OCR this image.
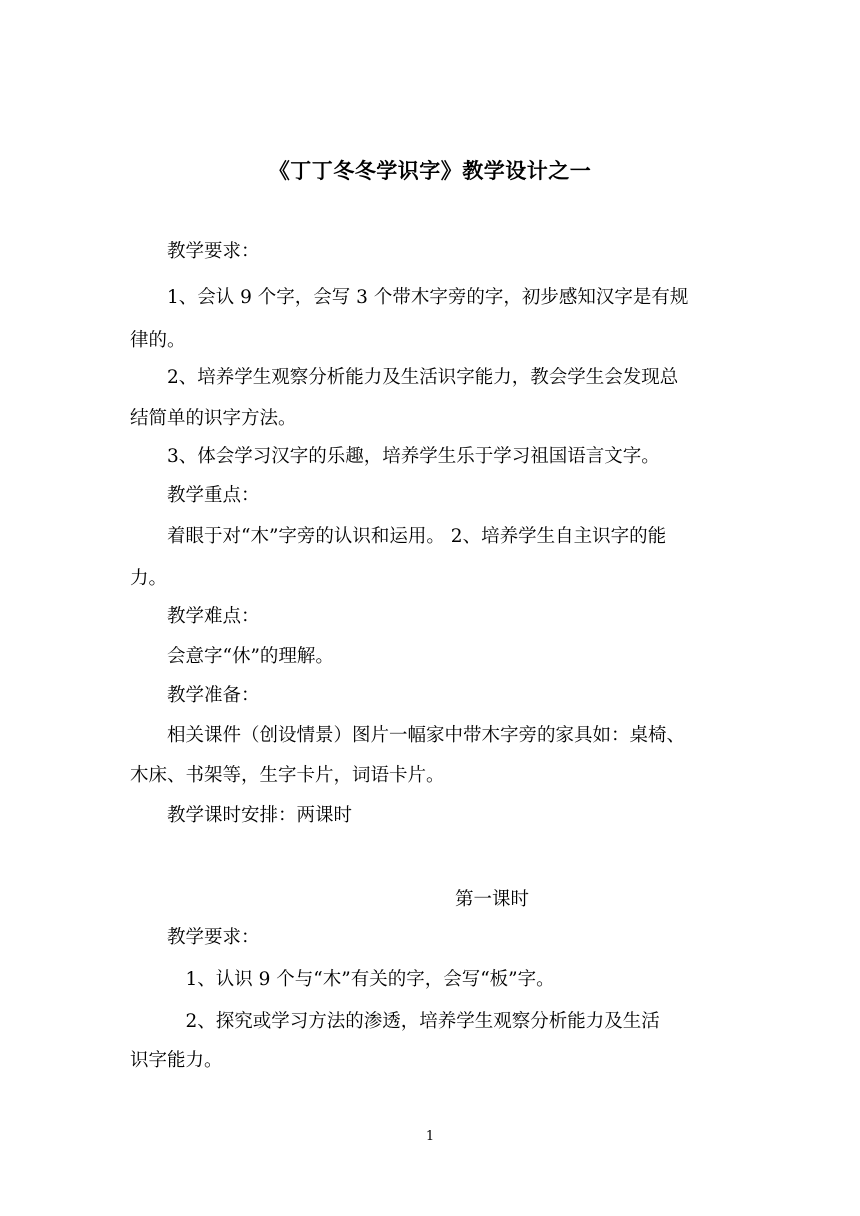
《丁丁冬冬学识字》教学设计之一
　　教学要求：
　　1、会认 9 个字，会写 3 个带木字旁的字，初步感知汉字是有规
律的。
　　2、培养学生观察分析能力及生活识字能力，教会学生会发现总
结简单的识字方法。
　　3、体会学习汉字的乐趣，培养学生乐于学习祖国语言文字。
　　教学重点：
　　着眼于对“木”字旁的认识和运用。 2、培养学生自主识字的能
力。
　　教学难点：
　　会意字“休”的理解。
　　教学准备：
　　相关课件（创设情景）图片一幅家中带木字旁的家具如：桌椅、
木床、书架等，生字卡片，词语卡片。
　　教学课时安排：两课时
第一课时
　　教学要求：
　　　1、认识 9 个与“木”有关的字，会写“板”字。
　　　2、探究或学习方法的渗透，培养学生观察分析能力及生活
识字能力。
1
